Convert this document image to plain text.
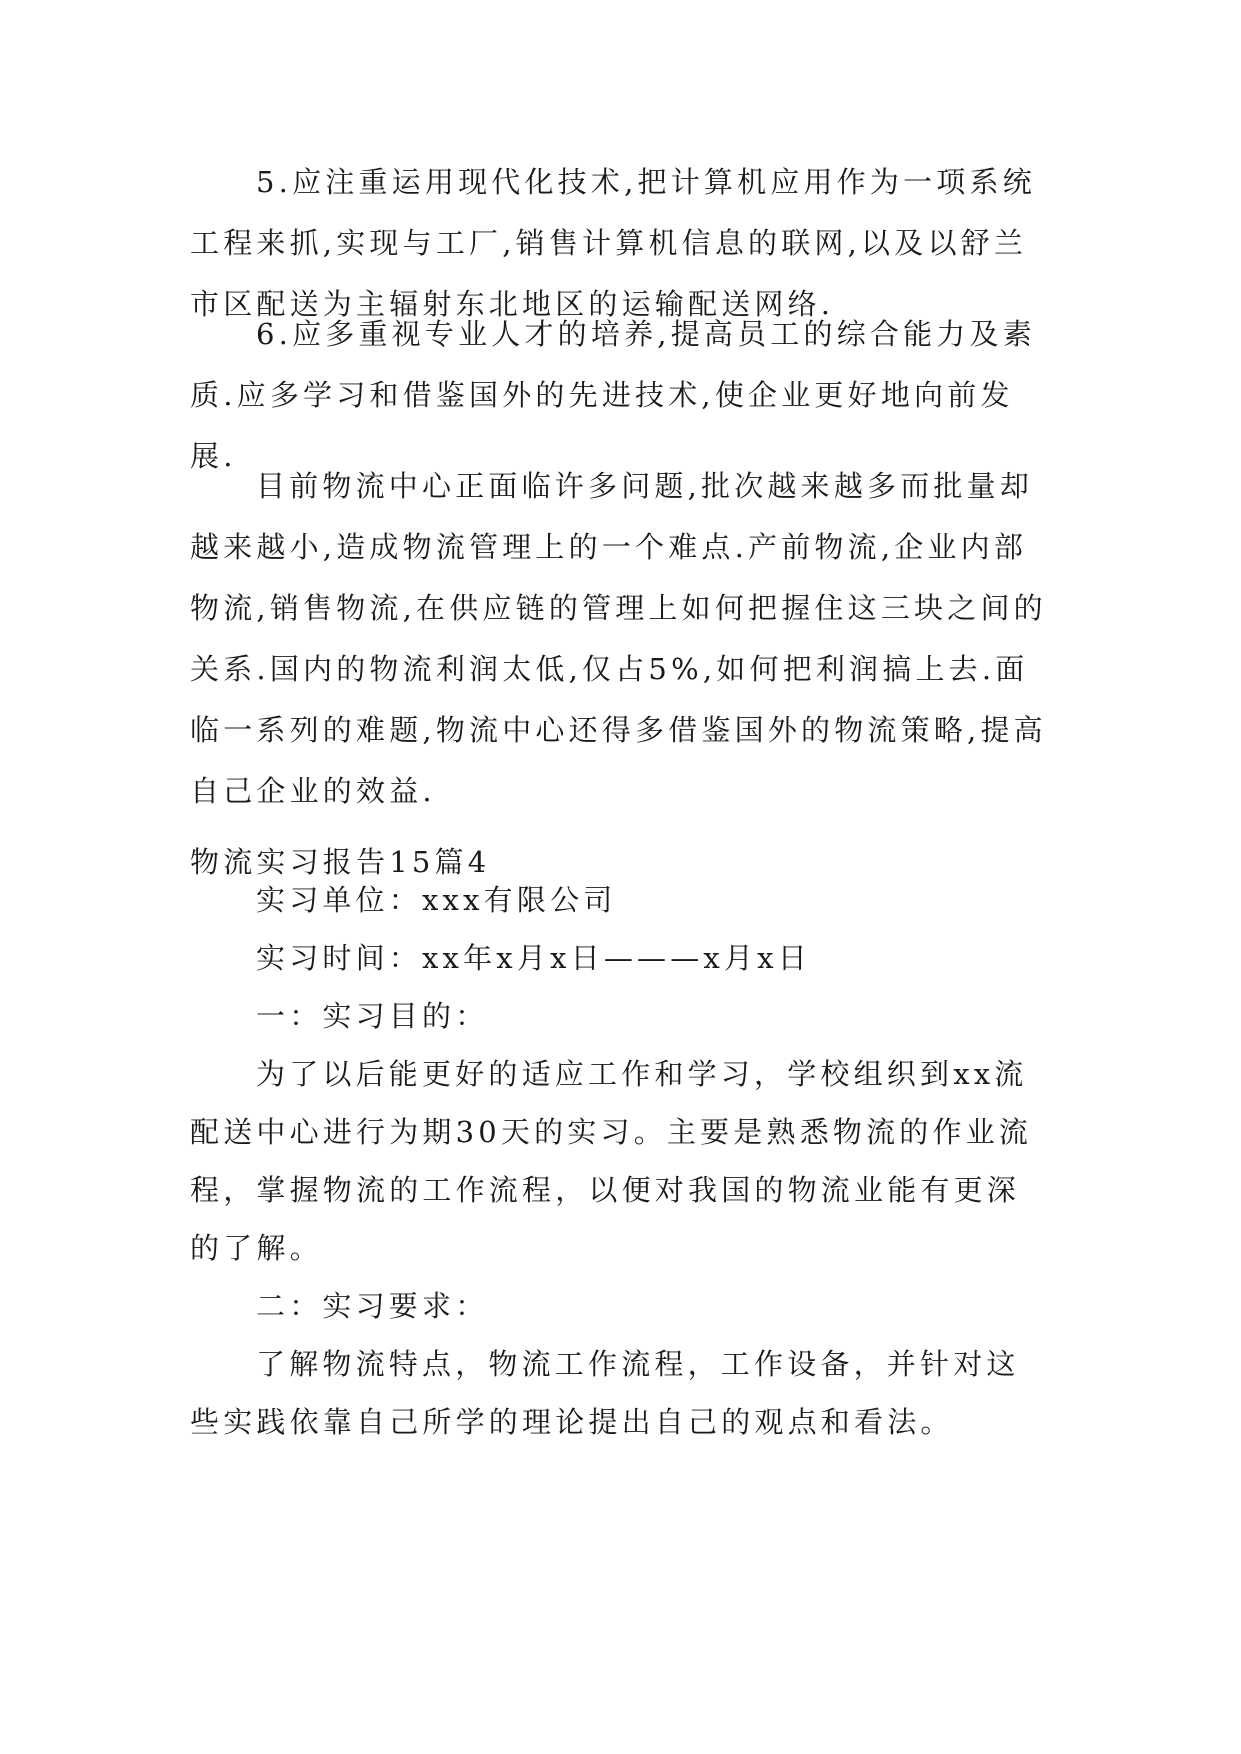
5.应注重运用现代化技术,把计算机应用作为一项系统工程来抓,实现与工厂,销售计算机信息的联网,以及以舒兰市区配送为主辐射东北地区的运输配送网络.

6.应多重视专业人才的培养,提高员工的综合能力及素质.应多学习和借鉴国外的先进技术,使企业更好地向前发展.

目前物流中心正面临许多问题,批次越来越多而批量却越来越小,造成物流管理上的一个难点.产前物流,企业内部物流,销售物流,在供应链的管理上如何把握住这三块之间的关系.国内的物流利润太低,仅占5%,如何把利润搞上去.面临一系列的难题,物流中心还得多借鉴国外的物流策略,提高自己企业的效益.

物流实习报告15篇4

实习单位：xxx有限公司

实习时间：xx年x月x日———x月x日

一：实习目的：

为了以后能更好的适应工作和学习，学校组织到xx流配送中心进行为期30天的实习。主要是熟悉物流的作业流程，掌握物流的工作流程，以便对我国的物流业能有更深的了解。

二：实习要求：

了解物流特点，物流工作流程，工作设备，并针对这些实践依靠自己所学的理论提出自己的观点和看法。
